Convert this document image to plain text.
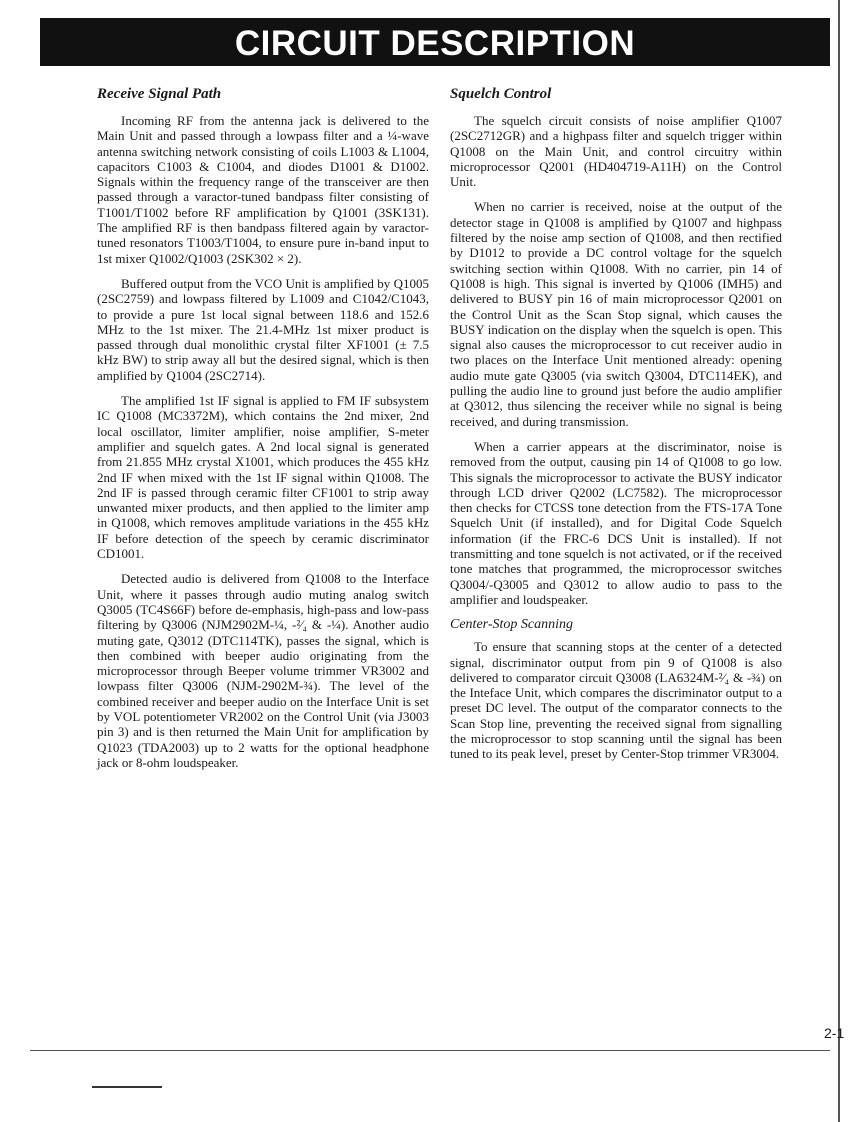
CIRCUIT DESCRIPTION
Receive Signal Path

Incoming RF from the antenna jack is delivered to the Main Unit and passed through a lowpass filter and a ¼-wave antenna switching network consisting of coils L1003 & L1004, capacitors C1003 & C1004, and diodes D1001 & D1002. Signals within the frequency range of the transceiver are then passed through a varactor-tuned bandpass filter consisting of T1001/T1002 before RF amplification by Q1001 (3SK131). The amplified RF is then bandpass filtered again by varactor-tuned resonators T1003/T1004, to ensure pure in-band input to 1st mixer Q1002/Q1003 (2SK302 × 2).

Buffered output from the VCO Unit is amplified by Q1005 (2SC2759) and lowpass filtered by L1009 and C1042/C1043, to provide a pure 1st local signal between 118.6 and 152.6 MHz to the 1st mixer. The 21.4-MHz 1st mixer product is passed through dual monolithic crystal filter XF1001 (± 7.5 kHz BW) to strip away all but the desired signal, which is then amplified by Q1004 (2SC2714).

The amplified 1st IF signal is applied to FM IF subsystem IC Q1008 (MC3372M), which contains the 2nd mixer, 2nd local oscillator, limiter amplifier, noise amplifier, S-meter amplifier and squelch gates. A 2nd local signal is generated from 21.855 MHz crystal X1001, which produces the 455 kHz 2nd IF when mixed with the 1st IF signal within Q1008. The 2nd IF is passed through ceramic filter CF1001 to strip away unwanted mixer products, and then applied to the limiter amp in Q1008, which removes amplitude variations in the 455 kHz IF before detection of the speech by ceramic discriminator CD1001.

Detected audio is delivered from Q1008 to the Interface Unit, where it passes through audio muting analog switch Q3005 (TC4S66F) before de-emphasis, high-pass and low-pass filtering by Q3006 (NJM2902M-¼, -²⁄₄ & -¼). Another audio muting gate, Q3012 (DTC114TK), passes the signal, which is then combined with beeper audio originating from the microprocessor through Beeper volume trimmer VR3002 and lowpass filter Q3006 (NJM-2902M-¾). The level of the combined receiver and beeper audio on the Interface Unit is set by VOL potentiometer VR2002 on the Control Unit (via J3003 pin 3) and is then returned the Main Unit for amplification by Q1023 (TDA2003) up to 2 watts for the optional headphone jack or 8-ohm loudspeaker.

Squelch Control

The squelch circuit consists of noise amplifier Q1007 (2SC2712GR) and a highpass filter and squelch trigger within Q1008 on the Main Unit, and control circuitry within microprocessor Q2001 (HD404719-A11H) on the Control Unit.

When no carrier is received, noise at the output of the detector stage in Q1008 is amplified by Q1007 and highpass filtered by the noise amp section of Q1008, and then rectified by D1012 to provide a DC control voltage for the squelch switching section within Q1008. With no carrier, pin 14 of Q1008 is high. This signal is inverted by Q1006 (IMH5) and delivered to BUSY pin 16 of main microprocessor Q2001 on the Control Unit as the Scan Stop signal, which causes the BUSY indication on the display when the squelch is open. This signal also causes the microprocessor to cut receiver audio in two places on the Interface Unit mentioned already: opening audio mute gate Q3005 (via switch Q3004, DTC114EK), and pulling the audio line to ground just before the audio amplifier at Q3012, thus silencing the receiver while no signal is being received, and during transmission.

When a carrier appears at the discriminator, noise is removed from the output, causing pin 14 of Q1008 to go low. This signals the microprocessor to activate the BUSY indicator through LCD driver Q2002 (LC7582). The microprocessor then checks for CTCSS tone detection from the FTS-17A Tone Squelch Unit (if installed), and for Digital Code Squelch information (if the FRC-6 DCS Unit is installed). If not transmitting and tone squelch is not activated, or if the received tone matches that programmed, the microprocessor switches Q3004/-Q3005 and Q3012 to allow audio to pass to the amplifier and loudspeaker.

Center-Stop Scanning

To ensure that scanning stops at the center of a detected signal, discriminator output from pin 9 of Q1008 is also delivered to comparator circuit Q3008 (LA6324M-²⁄₄ & -¾) on the Inteface Unit, which compares the discriminator output to a preset DC level. The output of the comparator connects to the Scan Stop line, preventing the received signal from signalling the microprocessor to stop scanning until the signal has been tuned to its peak level, preset by Center-Stop trimmer VR3004.

2-1
